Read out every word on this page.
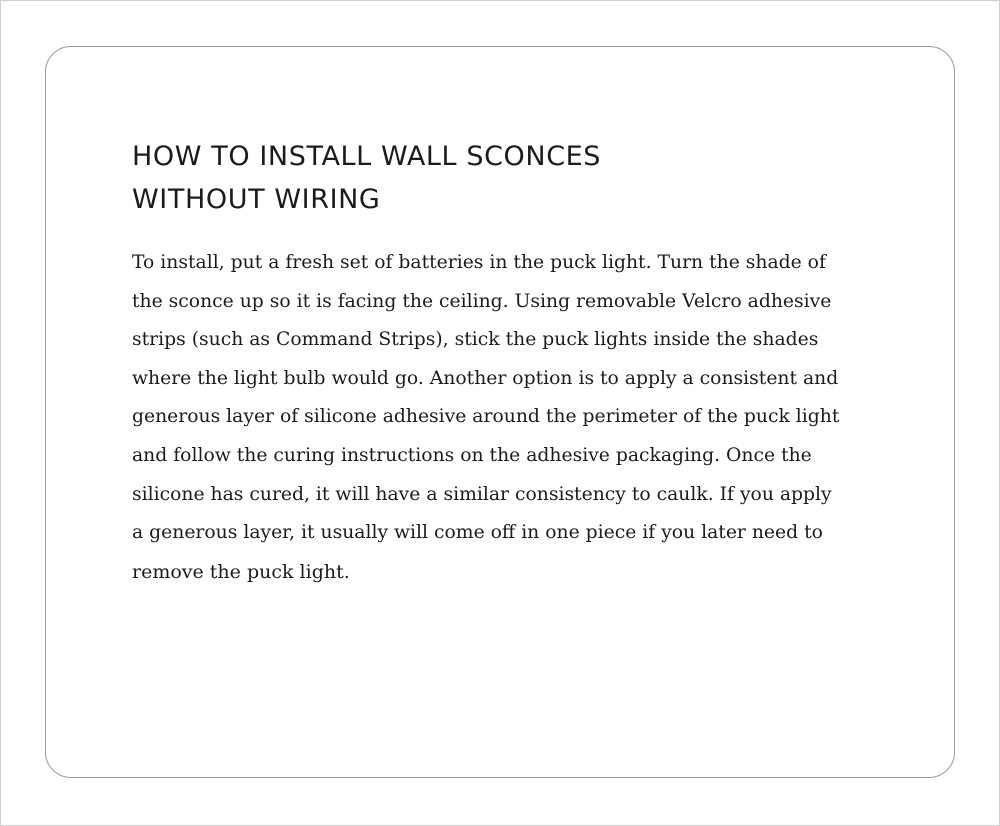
HOW TO INSTALL WALL SCONCES
WITHOUT WIRING

To install, put a fresh set of batteries in the puck light. Turn the shade of
the sconce up so it is facing the ceiling. Using removable Velcro adhesive
strips (such as Command Strips), stick the puck lights inside the shades
where the light bulb would go. Another option is to apply a consistent and
generous layer of silicone adhesive around the perimeter of the puck light
and follow the curing instructions on the adhesive packaging. Once the
silicone has cured, it will have a similar consistency to caulk. If you apply
a generous layer, it usually will come off in one piece if you later need to
remove the puck light.
